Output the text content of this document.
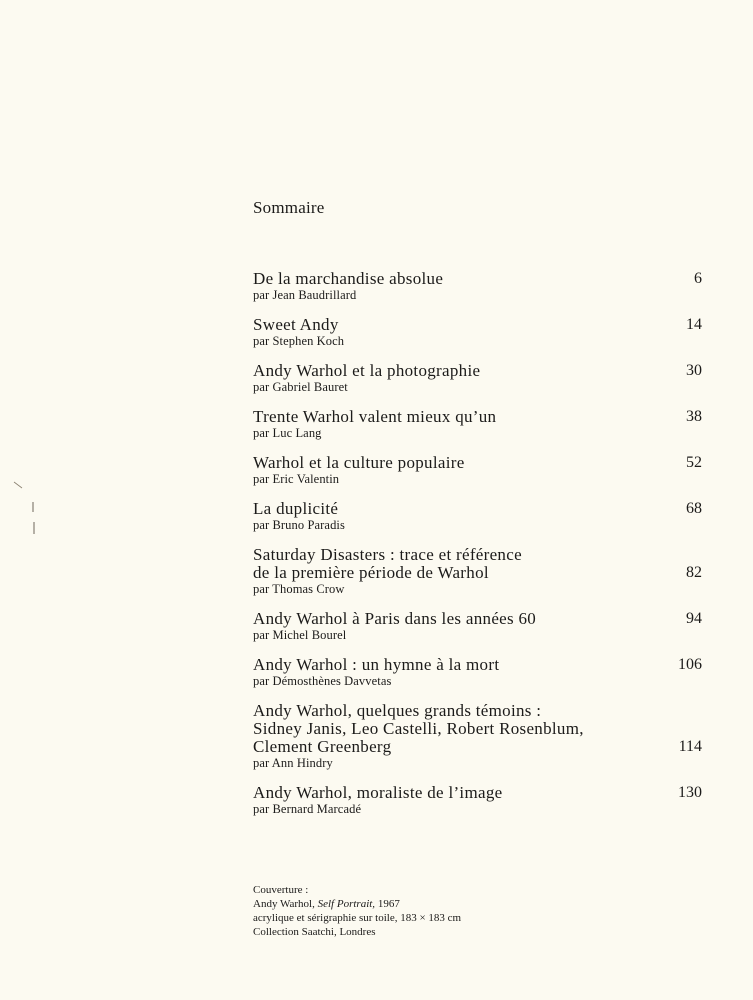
Sommaire
De la marchandise absolue
par Jean Baudrillard
6
Sweet Andy
par Stephen Koch
14
Andy Warhol et la photographie
par Gabriel Bauret
30
Trente Warhol valent mieux qu’un
par Luc Lang
38
Warhol et la culture populaire
par Eric Valentin
52
La duplicité
par Bruno Paradis
68
Saturday Disasters : trace et référence
de la première période de Warhol
par Thomas Crow
82
Andy Warhol à Paris dans les années 60
par Michel Bourel
94
Andy Warhol : un hymne à la mort
par Démosthènes Davvetas
106
Andy Warhol, quelques grands témoins :
Sidney Janis, Leo Castelli, Robert Rosenblum,
Clement Greenberg
par Ann Hindry
114
Andy Warhol, moraliste de l’image
par Bernard Marcadé
130
Couverture :
Andy Warhol, Self Portrait, 1967
acrylique et sérigraphie sur toile, 183 × 183 cm
Collection Saatchi, Londres
